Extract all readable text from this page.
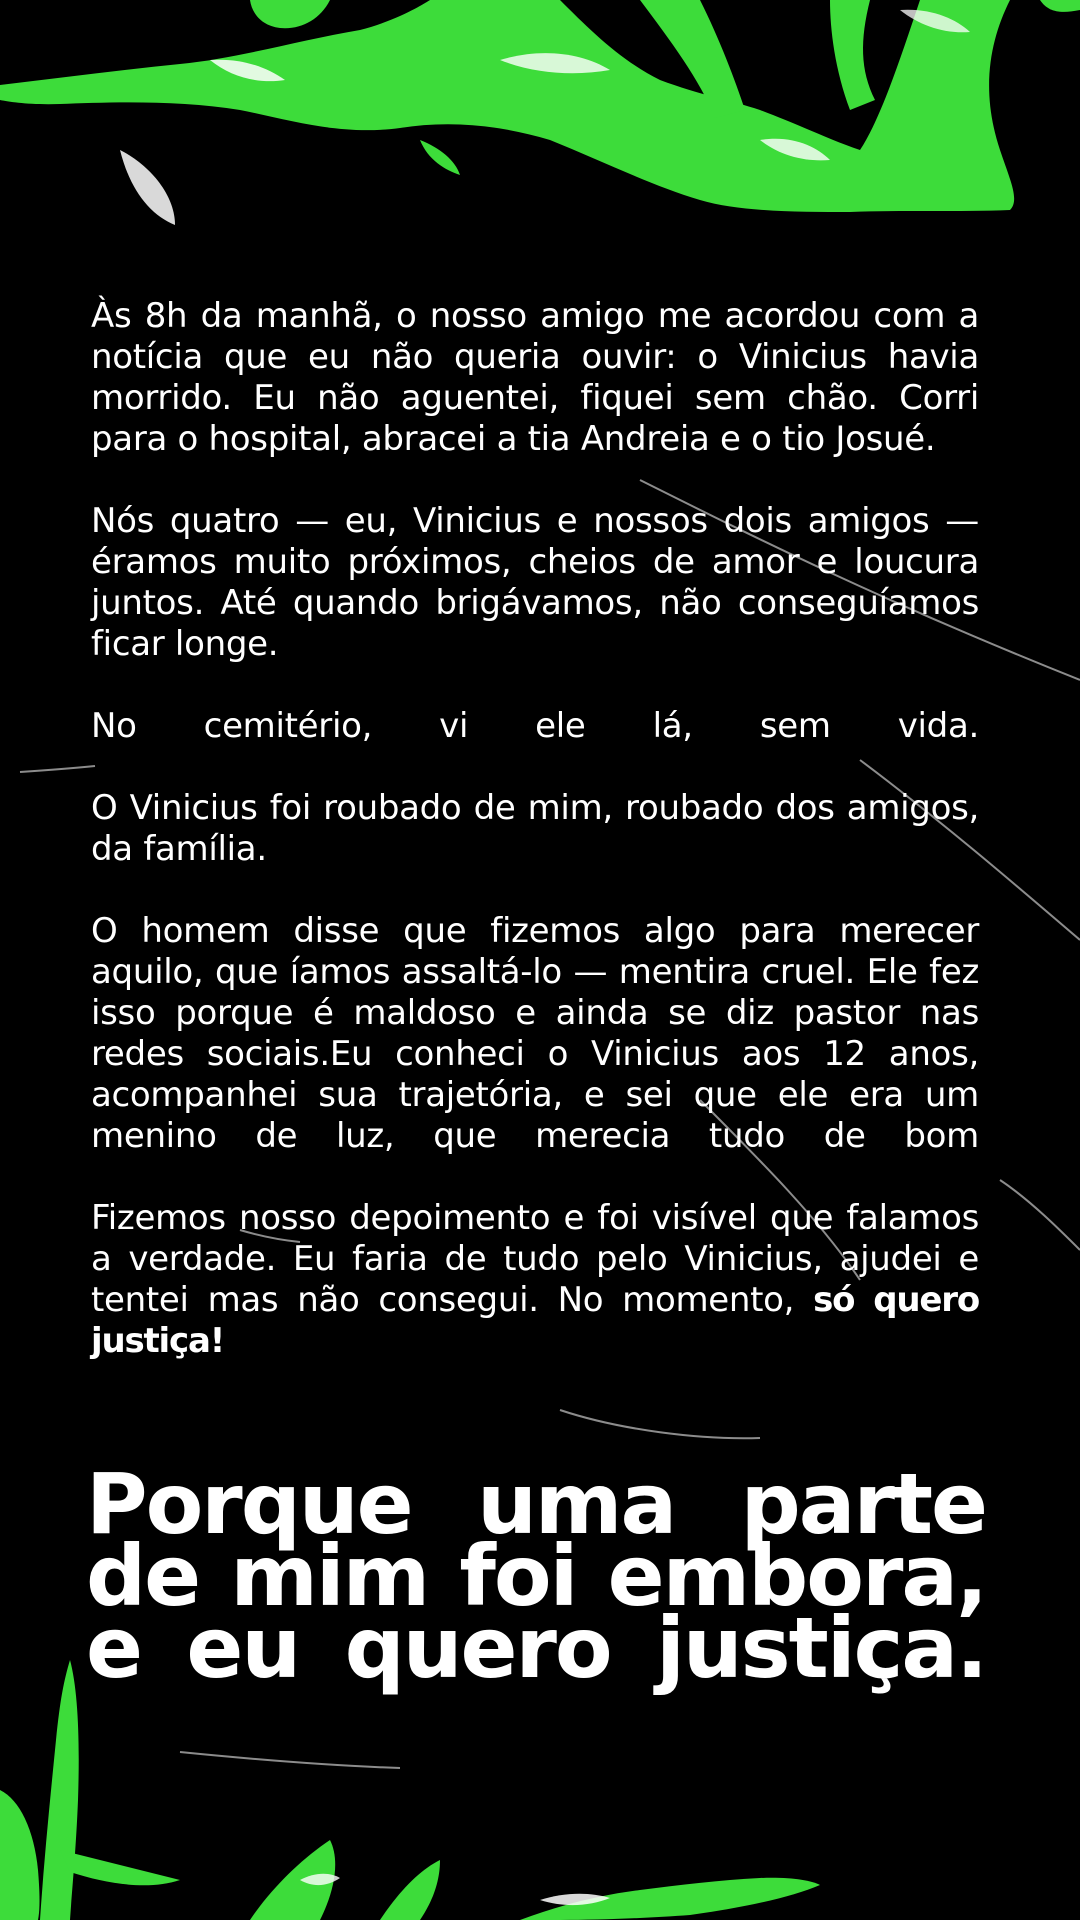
Às 8h da manhã, o nosso amigo me acordou com a notícia que eu não queria ouvir: o Vinicius havia morrido. Eu não aguentei, fiquei sem chão. Corri para o hospital, abracei a tia Andreia e o tio Josué.

Nós quatro — eu, Vinicius e nossos dois amigos — éramos muito próximos, cheios de amor e loucura juntos. Até quando brigávamos, não conseguíamos ficar longe.

No cemitério, vi ele lá, sem vida.

O Vinicius foi roubado de mim, roubado dos amigos, da família.

O homem disse que fizemos algo para merecer aquilo, que íamos assaltá-lo — mentira cruel. Ele fez isso porque é maldoso e ainda se diz pastor nas redes sociais.Eu conheci o Vinicius aos 12 anos, acompanhei sua trajetória, e sei que ele era um menino de luz, que merecia tudo de bom

Fizemos nosso depoimento e foi visível que falamos a verdade. Eu faria de tudo pelo Vinicius, ajudei e tentei mas não consegui. No momento, só quero justiça!

Porque uma parte
de mim foi embora,
e eu quero justiça.
